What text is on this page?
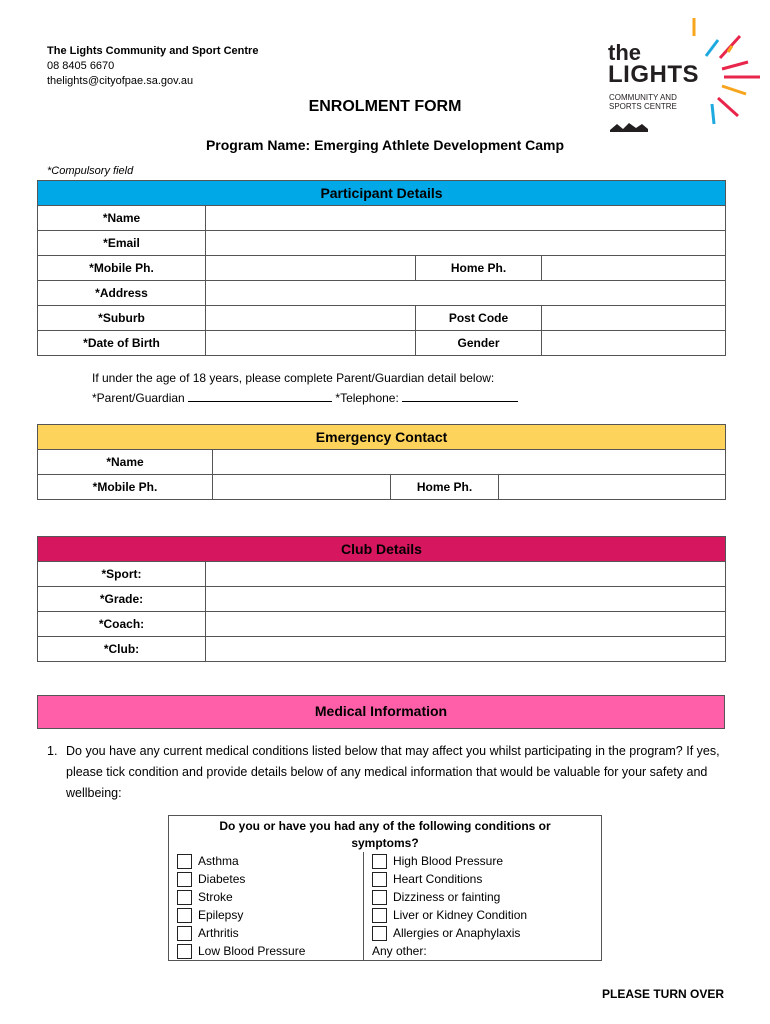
The Lights Community and Sport Centre
08 8405 6670
thelights@cityofpae.sa.gov.au
the
LIGHTS
COMMUNITY AND
SPORTS CENTRE
ENROLMENT FORM
Program Name: Emerging Athlete Development Camp
*Compulsory field
Participant Details			
*Name			
*Email			
*Mobile Ph.		Home Ph.	
*Address			
*Suburb		Post Code	
*Date of Birth		Gender	
If under the age of 18 years, please complete Parent/Guardian detail below:
*Parent/Guardian	*Telephone:
Emergency Contact			
*Name			
*Mobile Ph.		Home Ph.	
Club Details	
*Sport:	
*Grade:	
*Coach:	
*Club:	
Medical Information
1. Do you have any current medical conditions listed below that may affect you whilst participating in the program? If yes, please tick condition and provide details below of any medical information that would be valuable for your safety and wellbeing:
Do you or have you had any of the following conditions or symptoms?
Asthma
Diabetes
Stroke
Epilepsy
Arthritis
Low Blood Pressure
High Blood Pressure
Heart Conditions
Dizziness or fainting
Liver or Kidney Condition
Allergies or Anaphylaxis
Any other:
PLEASE TURN OVER
